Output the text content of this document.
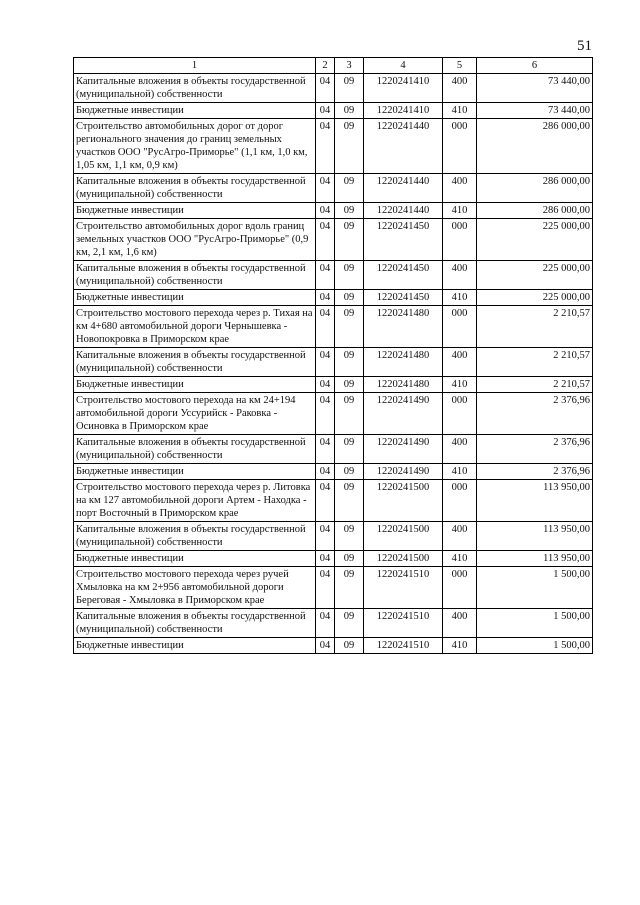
51
1	2	3	4	5	6
Капитальные вложения в объекты государственной (муниципальной) собственности	04	09	1220241410	400	73 440,00
Бюджетные инвестиции	04	09	1220241410	410	73 440,00
Строительство автомобильных дорог от дорог регионального значения до границ земельных участков ООО "РусАгро-Приморье" (1,1 км, 1,0 км, 1,05 км, 1,1 км, 0,9 км)	04	09	1220241440	000	286 000,00
Капитальные вложения в объекты государственной (муниципальной) собственности	04	09	1220241440	400	286 000,00
Бюджетные инвестиции	04	09	1220241440	410	286 000,00
Строительство автомобильных дорог вдоль границ земельных участков ООО "РусАгро-Приморье" (0,9 км, 2,1 км, 1,6 км)	04	09	1220241450	000	225 000,00
Капитальные вложения в объекты государственной (муниципальной) собственности	04	09	1220241450	400	225 000,00
Бюджетные инвестиции	04	09	1220241450	410	225 000,00
Строительство мостового перехода через р. Тихая на км 4+680 автомобильной дороги Чернышевка - Новопокровка в Приморском крае	04	09	1220241480	000	2 210,57
Капитальные вложения в объекты государственной (муниципальной) собственности	04	09	1220241480	400	2 210,57
Бюджетные инвестиции	04	09	1220241480	410	2 210,57
Строительство мостового перехода на км 24+194 автомобильной дороги Уссурийск - Раковка - Осиновка в Приморском крае	04	09	1220241490	000	2 376,96
Капитальные вложения в объекты государственной (муниципальной) собственности	04	09	1220241490	400	2 376,96
Бюджетные инвестиции	04	09	1220241490	410	2 376,96
Строительство мостового перехода через р. Литовка на км 127 автомобильной дороги Артем - Находка - порт Восточный в Приморском крае	04	09	1220241500	000	113 950,00
Капитальные вложения в объекты государственной (муниципальной) собственности	04	09	1220241500	400	113 950,00
Бюджетные инвестиции	04	09	1220241500	410	113 950,00
Строительство мостового перехода через ручей Хмыловка на км 2+956 автомобильной дороги Береговая - Хмыловка в Приморском крае	04	09	1220241510	000	1 500,00
Капитальные вложения в объекты государственной (муниципальной) собственности	04	09	1220241510	400	1 500,00
Бюджетные инвестиции	04	09	1220241510	410	1 500,00
